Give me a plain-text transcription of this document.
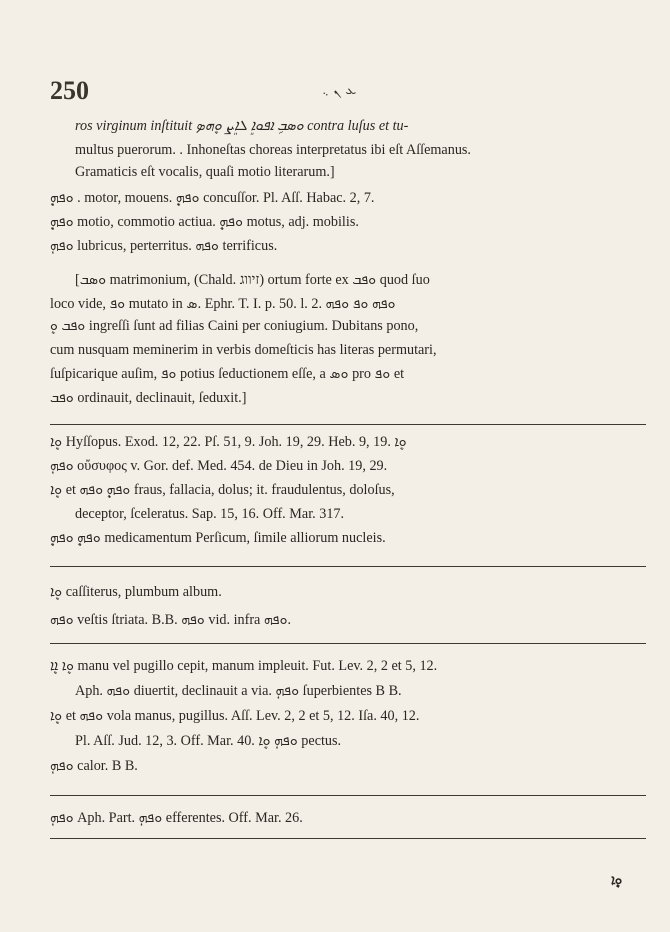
250	ܥ ܢ ܆
ros virginum inſtituit ܘܣܒܹ ܐܦܘܐܸ ܠܐܸܨ ܘܷܗܤ contra luſus et tu-
multus puerorum. . Inhoneſtas choreas interpretatus ibi eſt Aſſemanus.
Gramaticis eſt vocalis, quaſi motio literarum.]
ܘܦܗܴܷ . motor, mouens. ܘܦܗܴܷ concuſſor. Pl. Aſſ. Habac. 2, 7.
ܘܦܗܴܷ motio, commotio actiua. ܘܦܗܴܷ motus, adj. mobilis.
ܘܦܗܴ lubricus, perterritus. ܘܦܗ terrificus.
[ܘܣܒ matrimonium, (Chald. זיווג) ortum forte ex ܘܦܒ quod ſuo
loco vide, ܘܦ mutato in ܣ. Ephr. T. I. p. 50. l. 2. ܘܦܗ ܘܦ ܘܦܗ
ܘܦܒ ܘܷ ingreſſi ſunt ad filias Caini per coniugium. Dubitans pono,
cum nusquam meminerim in verbis domeſticis has literas permutari,
ſuſpicarique auſim, ܘܦ potius ſeductionem eſſe, a ܘܣ pro ܘܦ et
ܘܦܒ ordinauit, declinauit, ſeduxit.]
ܘܷܐ Hyſſopus. Exod. 12, 22. Pſ. 51, 9. Joh. 19, 29. Heb. 9, 19. ܘܷܐ
ܘܦܗܴ οὔσυφος v. Gor. def. Med. 454. de Dieu in Joh. 19, 29.
ܘܷܐ et ܘܦܗܴܷ ܘܦܗ fraus, fallacia, dolus; it. fraudulentus, doloſus,
deceptor, ſceleratus. Sap. 15, 16. Off. Mar. 317.
ܘܦܗܴܷ ܘܦܗܴܷ medicamentum Perſicum, ſimile alliorum nucleis.
ܘܷܐ caſſiterus, plumbum album.
ܘܦܗ veſtis ſtriata. B.B. ܘܦܗ vid. infra ܘܦܗ.
ܘܷܐ ܐܷܐ manu vel pugillo cepit, manum impleuit. Fut. Lev. 2, 2 et 5, 12.
Aph. ܘܦܗ diuertit, declinauit a via. ܘܦܗܴ ſuperbientes B B.
ܘܷܐ et ܘܦܗ vola manus, pugillus. Aſſ. Lev. 2, 2 et 5, 12. Iſa. 40, 12.
Pl. Aſſ. Jud. 12, 3. Off. Mar. 40. ܘܦܗܴ ܘܷܐ pectus.
ܘܦܗܴ calor. B B.
ܘܦܗܴ Aph. Part. ܘܦܗܴ efferentes. Off. Mar. 26.
ܘܷܐ
